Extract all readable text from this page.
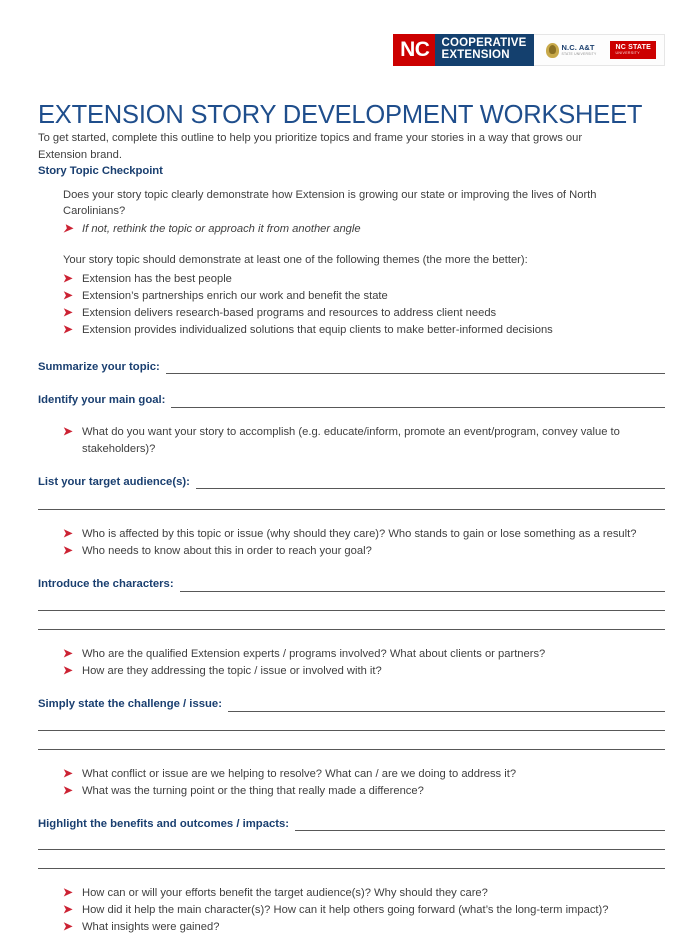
NC	COOPERATIVE
EXTENSION
N.C. A&T
STATE UNIVERSITY
NC STATE
UNIVERSITY
EXTENSION STORY DEVELOPMENT WORKSHEET

To get started, complete this outline to help you prioritize topics and frame your stories in a way that grows our Extension brand.

Story Topic Checkpoint

Does your story topic clearly demonstrate how Extension is growing our state or improving the lives of North Carolinians?

➤ If not, rethink the topic or approach it from another angle

Your story topic should demonstrate at least one of the following themes (the more the better):

➤ Extension has the best people
➤ Extension’s partnerships enrich our work and benefit the state
➤ Extension delivers research-based programs and resources to address client needs
➤ Extension provides individualized solutions that equip clients to make better-informed decisions
Summarize your topic:
Identify your main goal:
➤ What do you want your story to accomplish (e.g. educate/inform, promote an event/program, convey value to stakeholders)?
List your target audience(s):
➤ Who is affected by this topic or issue (why should they care)? Who stands to gain or lose something as a result?
➤ Who needs to know about this in order to reach your goal?
Introduce the characters:
➤ Who are the qualified Extension experts / programs involved? What about clients or partners?
➤ How are they addressing the topic / issue or involved with it?
Simply state the challenge / issue:
➤ What conflict or issue are we helping to resolve? What can / are we doing to address it?
➤ What was the turning point or the thing that really made a difference?
Highlight the benefits and outcomes / impacts:
➤ How can or will your efforts benefit the target audience(s)? Why should they care?
➤ How did it help the main character(s)? How can it help others going forward (what’s the long-term impact)?
➤ What insights were gained?
